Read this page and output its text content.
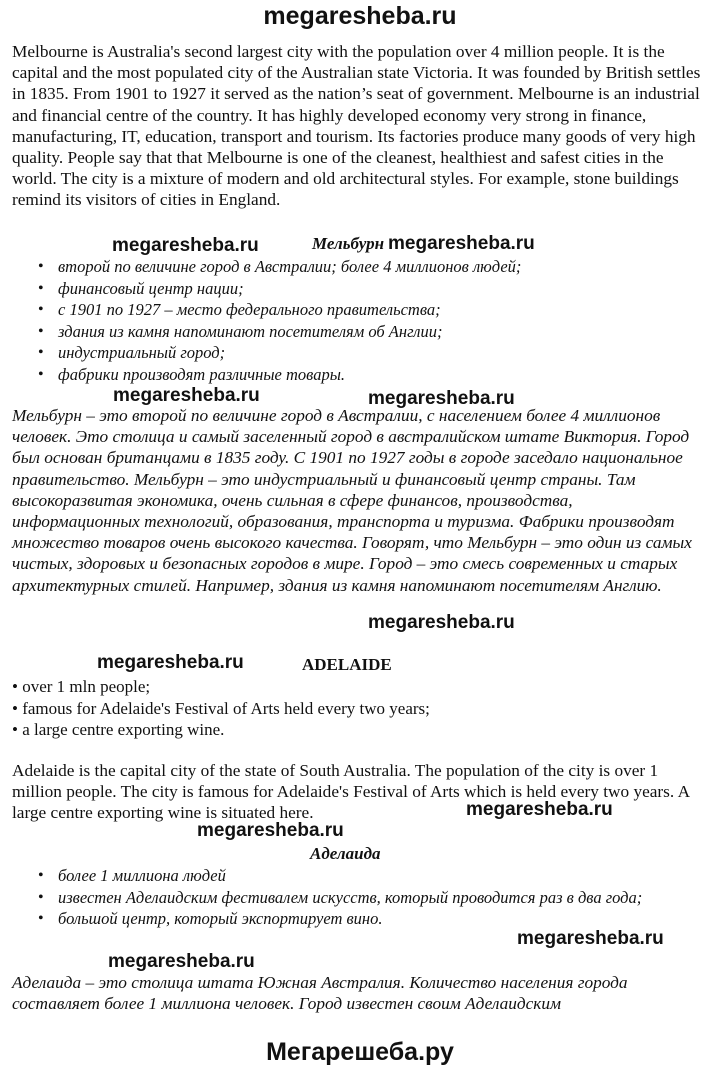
megaresheba.ru
Melbourne is Australia's second largest city with the population over 4 million people. It is the capital and the most populated city of the Australian state Victoria. It was founded by British settles in 1835. From 1901 to 1927 it served as the nation’s seat of government. Melbourne is an industrial and financial centre of the country. It has highly developed economy very strong in finance, manufacturing, IT, education, transport and tourism. Its factories produce many goods of very high quality. People say that that Melbourne is one of the cleanest, healthiest and safest cities in the world. The city is a mixture of modern and old architectural styles. For example, stone buildings remind its visitors of cities in England.
megaresheba.ru	Мельбурн megaresheba.ru
• второй по величине город в Австралии; более 4 миллионов людей;
• финансовый центр нации;
• с 1901 по 1927 – место федерального правительства;
• здания из камня напоминают посетителям об Англии;
• индустриальный город;
• фабрики производят различные товары.
megaresheba.ru	megaresheba.ru
Мельбурн – это второй по величине город в Австралии, с населением более 4 миллионов человек. Это столица и самый заселенный город в австралийском штате Виктория. Город был основан британцами в 1835 году. С 1901 по 1927 годы в городе заседало национальное правительство. Мельбурн – это индустриальный и финансовый центр страны. Там высокоразвитая экономика, очень сильная в сфере финансов, производства, информационных технологий, образования, транспорта и туризма. Фабрики производят множество товаров очень высокого качества. Говорят, что Мельбурн – это один из самых чистых, здоровых и безопасных городов в мире. Город – это смесь современных и старых архитектурных стилей. Например, здания из камня напоминают посетителям Англию.
megaresheba.ru
megaresheba.ru	ADELAIDE
• over 1 mln people;
• famous for Adelaide's Festival of Arts held every two years;
• a large centre exporting wine.
Adelaide is the capital city of the state of South Australia. The population of the city is over 1 million people. The city is famous for Adelaide's Festival of Arts which is held every two years. A large centre exporting wine is situated here.	megaresheba.ru
megaresheba.ru
Аделаида
• более 1 миллиона людей
• известен Аделаидским фестивалем искусств, который проводится раз в два года;
• большой центр, который экспортирует вино.
megaresheba.ru
megaresheba.ru
Аделаида – это столица штата Южная Австралия. Количество населения города составляет более 1 миллиона человек. Город известен своим Аделаидским
Мегарешеба.ру
